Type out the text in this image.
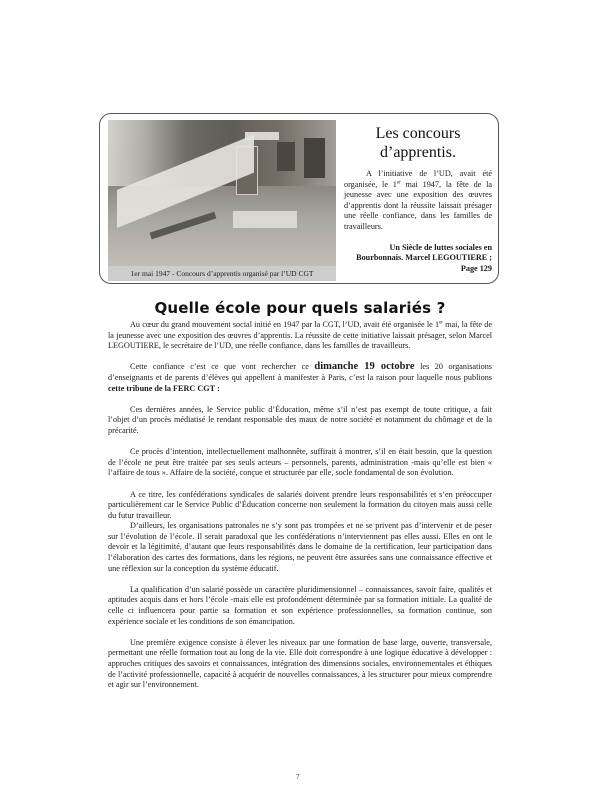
1er mai 1947 - Concours d’apprentis organisé par l’UD CGT
Les concours
d’apprentis.
A l’initiative de l’UD, avait été organisée, le 1er mai 1947, la fête de la jeunesse avec une exposition des œuvres d’apprentis dont la réussite laissait présager une réelle confiance, dans les familles de travailleurs.
Un Siècle de luttes sociales en
Bourbonnais. Marcel LEGOUTIERE ;
Page 129
Quelle école pour quels salariés ?

Au cœur du grand mouvement social initié en 1947 par la CGT, l’UD, avait été organisée le 1er mai, la fête de la jeunesse avec une exposition des œuvres d’apprentis. La réussite de cette initiative laissait présager, selon Marcel LEGOUTIERE, le secrétaire de l’UD, une réelle confiance, dans les familles de travailleurs.

Cette confiance c’est ce que vont rechercher ce dimanche 19 octobre les 20 organisations d’enseignants et de parents d’élèves qui appellent à manifester à Paris, c’est la raison pour laquelle nous publions cette tribune de la FERC CGT :

Ces dernières années, le Service public d’Éducation, même s’il n’est pas exempt de toute critique, a fait l’objet d’un procès médiatisé le rendant responsable des maux de notre société et notamment du chômage et de la précarité.

Ce procès d’intention, intellectuellement malhonnête, suffirait à montrer, s’il en était besoin, que la question de l’école ne peut être traitée par ses seuls acteurs – personnels, parents, administration -mais qu’elle est bien « l’affaire de tous ». Affaire de la société, conçue et structurée par elle, socle fondamental de son évolution.

A ce titre, les confédérations syndicales de salariés doivent prendre leurs responsabilités et s’en préoccuper particulièrement car le Service Public d’Éducation concerne non seulement la formation du citoyen mais aussi celle du futur travailleur.

D’ailleurs, les organisations patronales ne s’y sont pas trompées et ne se privent pas d’intervenir et de peser sur l’évolution de l’école. Il serait paradoxal que les confédérations n’interviennent pas elles aussi. Elles en ont le devoir et la légitimité, d’autant que leurs responsabilités dans le domaine de la certification, leur participation dans l’élaboration des cartes des formations, dans les régions, ne peuvent être assurées sans une connaissance effective et une réflexion sur la conception du système éducatif.

La qualification d’un salarié possède un caractère pluridimensionnel – connaissances, savoir faire, qualités et aptitudes acquis dans et hors l’école -mais elle est profondément déterminée par sa formation initiale. La qualité de celle ci influencera pour partie sa formation et son expérience professionnelles, sa formation continue, son expérience sociale et les conditions de son émancipation.

Une première exigence consiste à élever les niveaux par une formation de base large, ouverte, transversale, permettant une réelle formation tout au long de la vie. Elle doit correspondre à une logique éducative à développer : approches critiques des savoirs et connaissances, intégration des dimensions sociales, environnementales et éthiques de l’activité professionnelle, capacité à acquérir de nouvelles connaissances, à les structurer pour mieux comprendre et agir sur l’environnement.

7
